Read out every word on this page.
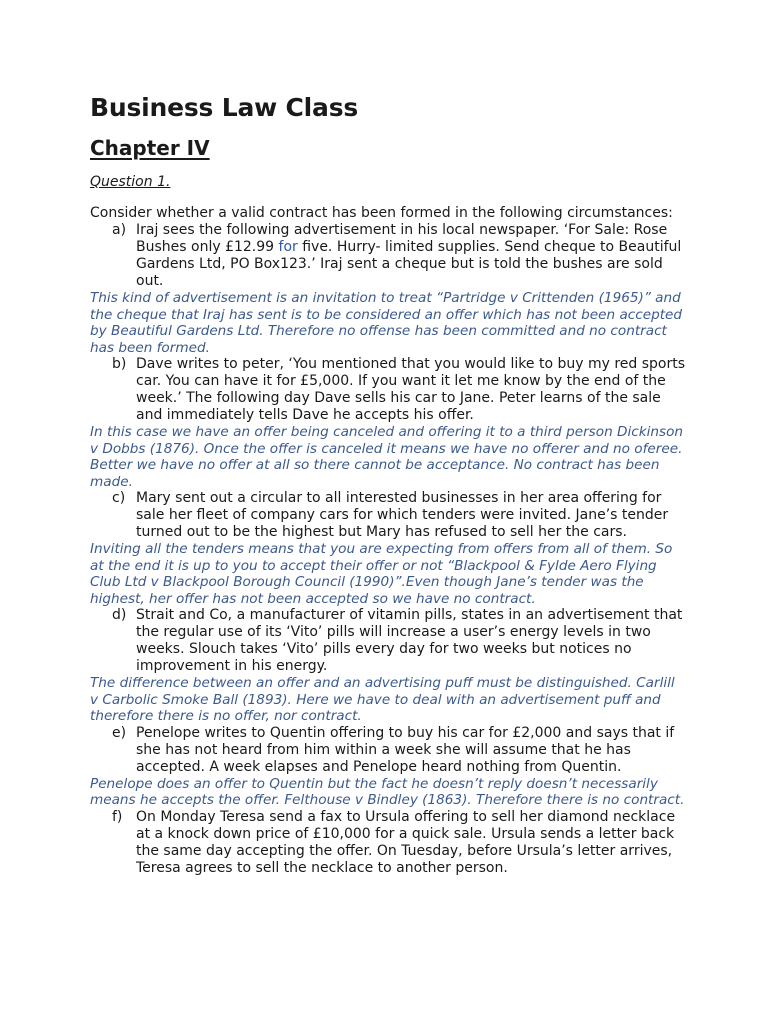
Business Law Class
Chapter IV

Question 1.

Consider whether a valid contract has been formed in the following circumstances:

a) Iraj sees the following advertisement in his local newspaper. ‘For Sale: Rose Bushes only £12.99 for five. Hurry- limited supplies. Send cheque to Beautiful Gardens Ltd, PO Box123.’ Iraj sent a cheque but is told the bushes are sold out.

This kind of advertisement is an invitation to treat “Partridge v Crittenden (1965)” and the cheque that Iraj has sent is to be considered an offer which has not been accepted by Beautiful Gardens Ltd. Therefore no offense has been committed and no contract has been formed.

b) Dave writes to peter, ‘You mentioned that you would like to buy my red sports car. You can have it for £5,000. If you want it let me know by the end of the week.’ The following day Dave sells his car to Jane. Peter learns of the sale and immediately tells Dave he accepts his offer.

In this case we have an offer being canceled and offering it to a third person Dickinson v Dobbs (1876). Once the offer is canceled it means we have no offerer and no oferee. Better we have no offer at all so there cannot be acceptance. No contract has been made.

c) Mary sent out a circular to all interested businesses in her area offering for sale her fleet of company cars for which tenders were invited. Jane’s tender turned out to be the highest but Mary has refused to sell her the cars.

Inviting all the tenders means that you are expecting from offers from all of them. So at the end it is up to you to accept their offer or not “Blackpool & Fylde Aero Flying Club Ltd v Blackpool Borough Council (1990)”.Even though Jane’s tender was the highest, her offer has not been accepted so we have no contract.

d) Strait and Co, a manufacturer of vitamin pills, states in an advertisement that the regular use of its ‘Vito’ pills will increase a user’s energy levels in two weeks. Slouch takes ‘Vito’ pills every day for two weeks but notices no improvement in his energy.

The difference between an offer and an advertising puff must be distinguished. Carlill v Carbolic Smoke Ball (1893). Here we have to deal with an advertisement puff and therefore there is no offer, nor contract.

e) Penelope writes to Quentin offering to buy his car for £2,000 and says that if she has not heard from him within a week she will assume that he has accepted. A week elapses and Penelope heard nothing from Quentin.

Penelope does an offer to Quentin but the fact he doesn’t reply doesn’t necessarily means he accepts the offer. Felthouse v Bindley (1863). Therefore there is no contract.

f) On Monday Teresa send a fax to Ursula offering to sell her diamond necklace at a knock down price of £10,000 for a quick sale. Ursula sends a letter back the same day accepting the offer. On Tuesday, before Ursula’s letter arrives, Teresa agrees to sell the necklace to another person.
